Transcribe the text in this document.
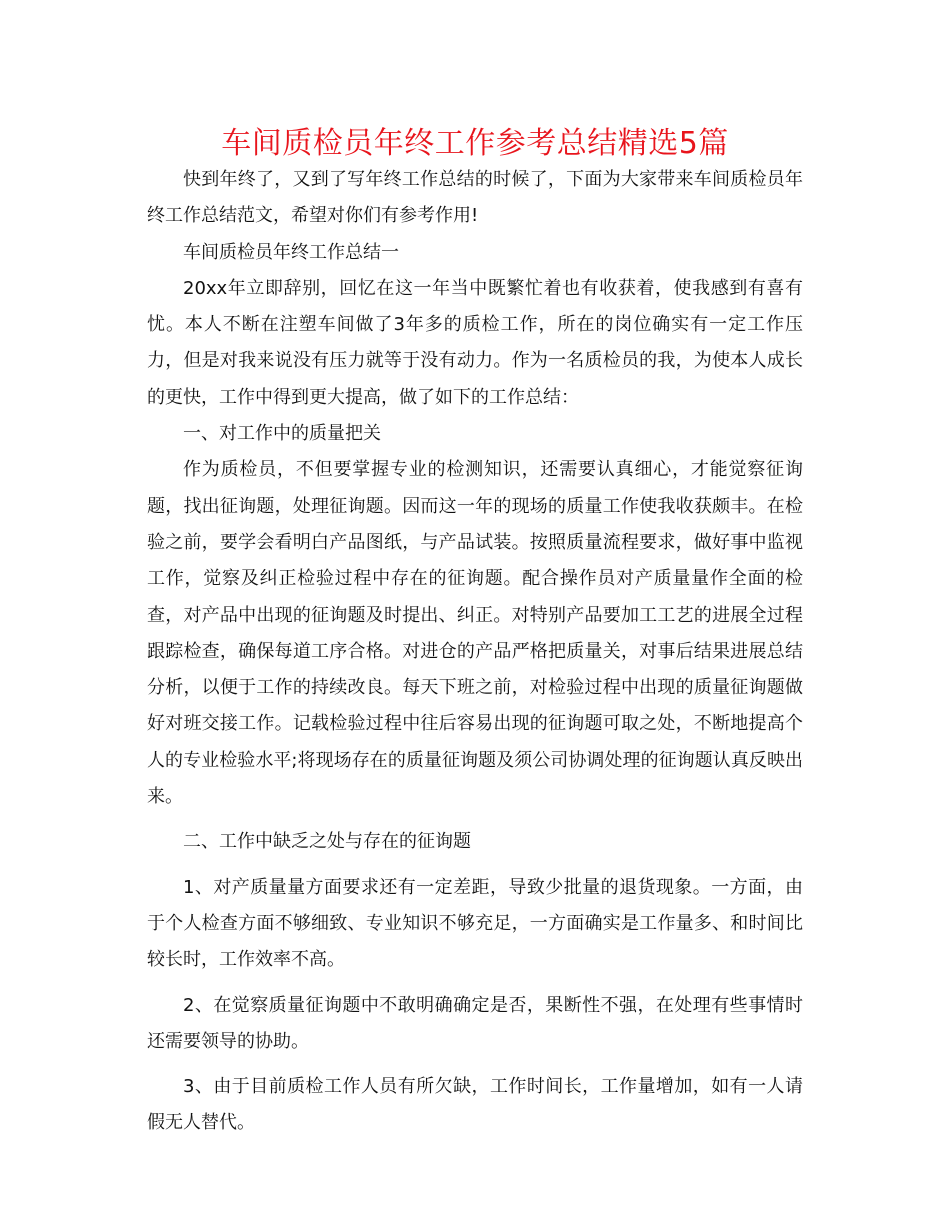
车间质检员年终工作参考总结精选5篇

快到年终了，又到了写年终工作总结的时候了，下面为大家带来车间质检员年终工作总结范文，希望对你们有参考作用!

车间质检员年终工作总结一

20xx年立即辞别，回忆在这一年当中既繁忙着也有收获着，使我感到有喜有忧。本人不断在注塑车间做了3年多的质检工作，所在的岗位确实有一定工作压力，但是对我来说没有压力就等于没有动力。作为一名质检员的我，为使本人成长的更快，工作中得到更大提高，做了如下的工作总结：

一、对工作中的质量把关

作为质检员，不但要掌握专业的检测知识，还需要认真细心，才能觉察征询题，找出征询题，处理征询题。因而这一年的现场的质量工作使我收获颇丰。在检验之前，要学会看明白产品图纸，与产品试装。按照质量流程要求，做好事中监视工作，觉察及纠正检验过程中存在的征询题。配合操作员对产质量量作全面的检查，对产品中出现的征询题及时提出、纠正。对特别产品要加工工艺的进展全过程跟踪检查，确保每道工序合格。对进仓的产品严格把质量关，对事后结果进展总结分析，以便于工作的持续改良。每天下班之前，对检验过程中出现的质量征询题做好对班交接工作。记载检验过程中往后容易出现的征询题可取之处，不断地提高个人的专业检验水平;将现场存在的质量征询题及须公司协调处理的征询题认真反映出来。

二、工作中缺乏之处与存在的征询题

1、对产质量量方面要求还有一定差距，导致少批量的退货现象。一方面，由于个人检查方面不够细致、专业知识不够充足，一方面确实是工作量多、和时间比较长时，工作效率不高。

2、在觉察质量征询题中不敢明确确定是否，果断性不强，在处理有些事情时还需要领导的协助。

3、由于目前质检工作人员有所欠缺，工作时间长，工作量增加，如有一人请假无人替代。
